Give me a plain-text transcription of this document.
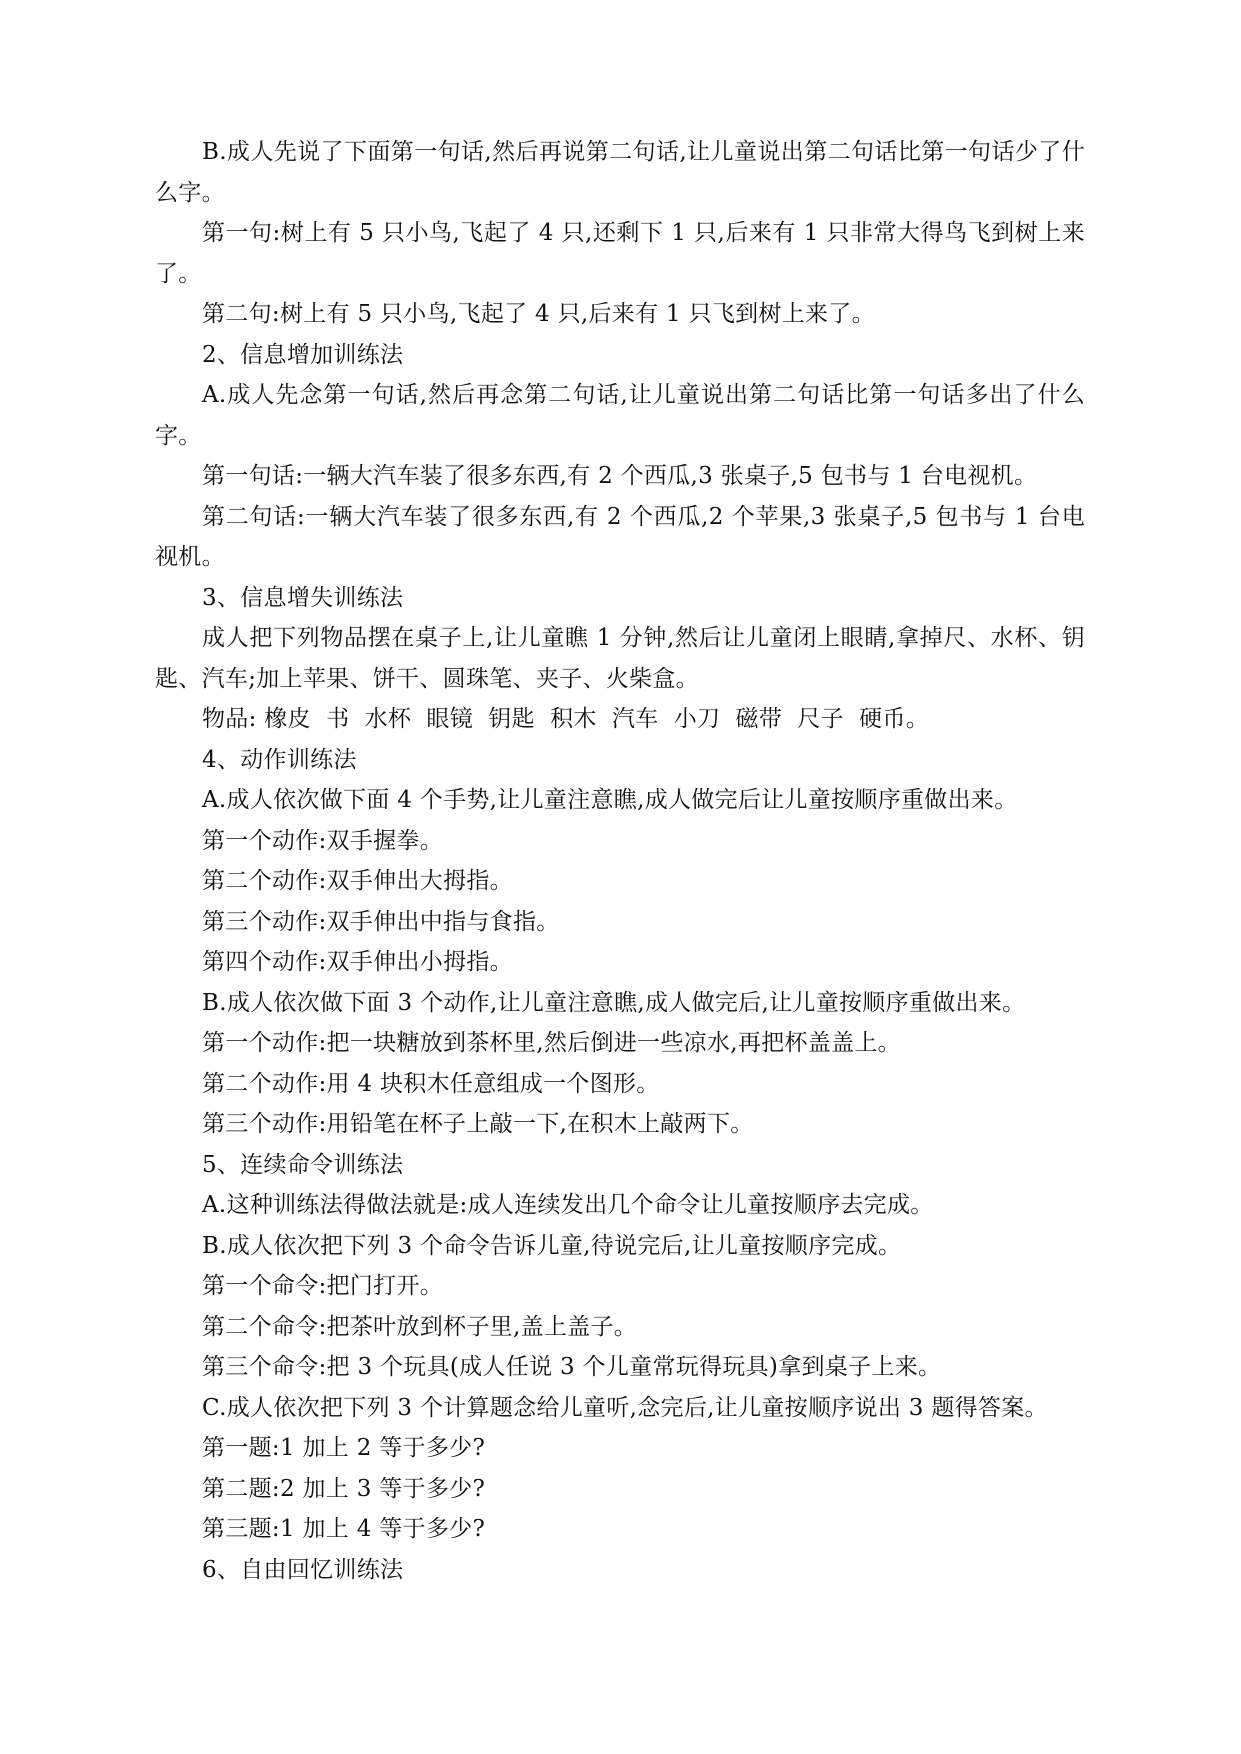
B.成人先说了下面第一句话,然后再说第二句话,让儿童说出第二句话比第一句话少了什么字。

第一句:树上有 5 只小鸟,飞起了 4 只,还剩下 1 只,后来有 1 只非常大得鸟飞到树上来了。

第二句:树上有 5 只小鸟,飞起了 4 只,后来有 1 只飞到树上来了。

2、信息增加训练法

A.成人先念第一句话,然后再念第二句话,让儿童说出第二句话比第一句话多出了什么字。

第一句话:一辆大汽车装了很多东西,有 2 个西瓜,3 张桌子,5 包书与 1 台电视机。

第二句话:一辆大汽车装了很多东西,有 2 个西瓜,2 个苹果,3 张桌子,5 包书与 1 台电视机。

3、信息增失训练法

成人把下列物品摆在桌子上,让儿童瞧 1 分钟,然后让儿童闭上眼睛,拿掉尺、水杯、钥匙、汽车;加上苹果、饼干、圆珠笔、夹子、火柴盒。

物品: 橡皮  书  水杯  眼镜  钥匙  积木  汽车  小刀  磁带  尺子  硬币。

4、动作训练法

A.成人依次做下面 4 个手势,让儿童注意瞧,成人做完后让儿童按顺序重做出来。

第一个动作:双手握拳。

第二个动作:双手伸出大拇指。

第三个动作:双手伸出中指与食指。

第四个动作:双手伸出小拇指。

B.成人依次做下面 3 个动作,让儿童注意瞧,成人做完后,让儿童按顺序重做出来。

第一个动作:把一块糖放到茶杯里,然后倒进一些凉水,再把杯盖盖上。

第二个动作:用 4 块积木任意组成一个图形。

第三个动作:用铅笔在杯子上敲一下,在积木上敲两下。

5、连续命令训练法

A.这种训练法得做法就是:成人连续发出几个命令让儿童按顺序去完成。

B.成人依次把下列 3 个命令告诉儿童,待说完后,让儿童按顺序完成。

第一个命令:把门打开。

第二个命令:把茶叶放到杯子里,盖上盖子。

第三个命令:把 3 个玩具(成人任说 3 个儿童常玩得玩具)拿到桌子上来。

C.成人依次把下列 3 个计算题念给儿童听,念完后,让儿童按顺序说出 3 题得答案。

第一题:1 加上 2 等于多少?

第二题:2 加上 3 等于多少?

第三题:1 加上 4 等于多少?

6、自由回忆训练法
